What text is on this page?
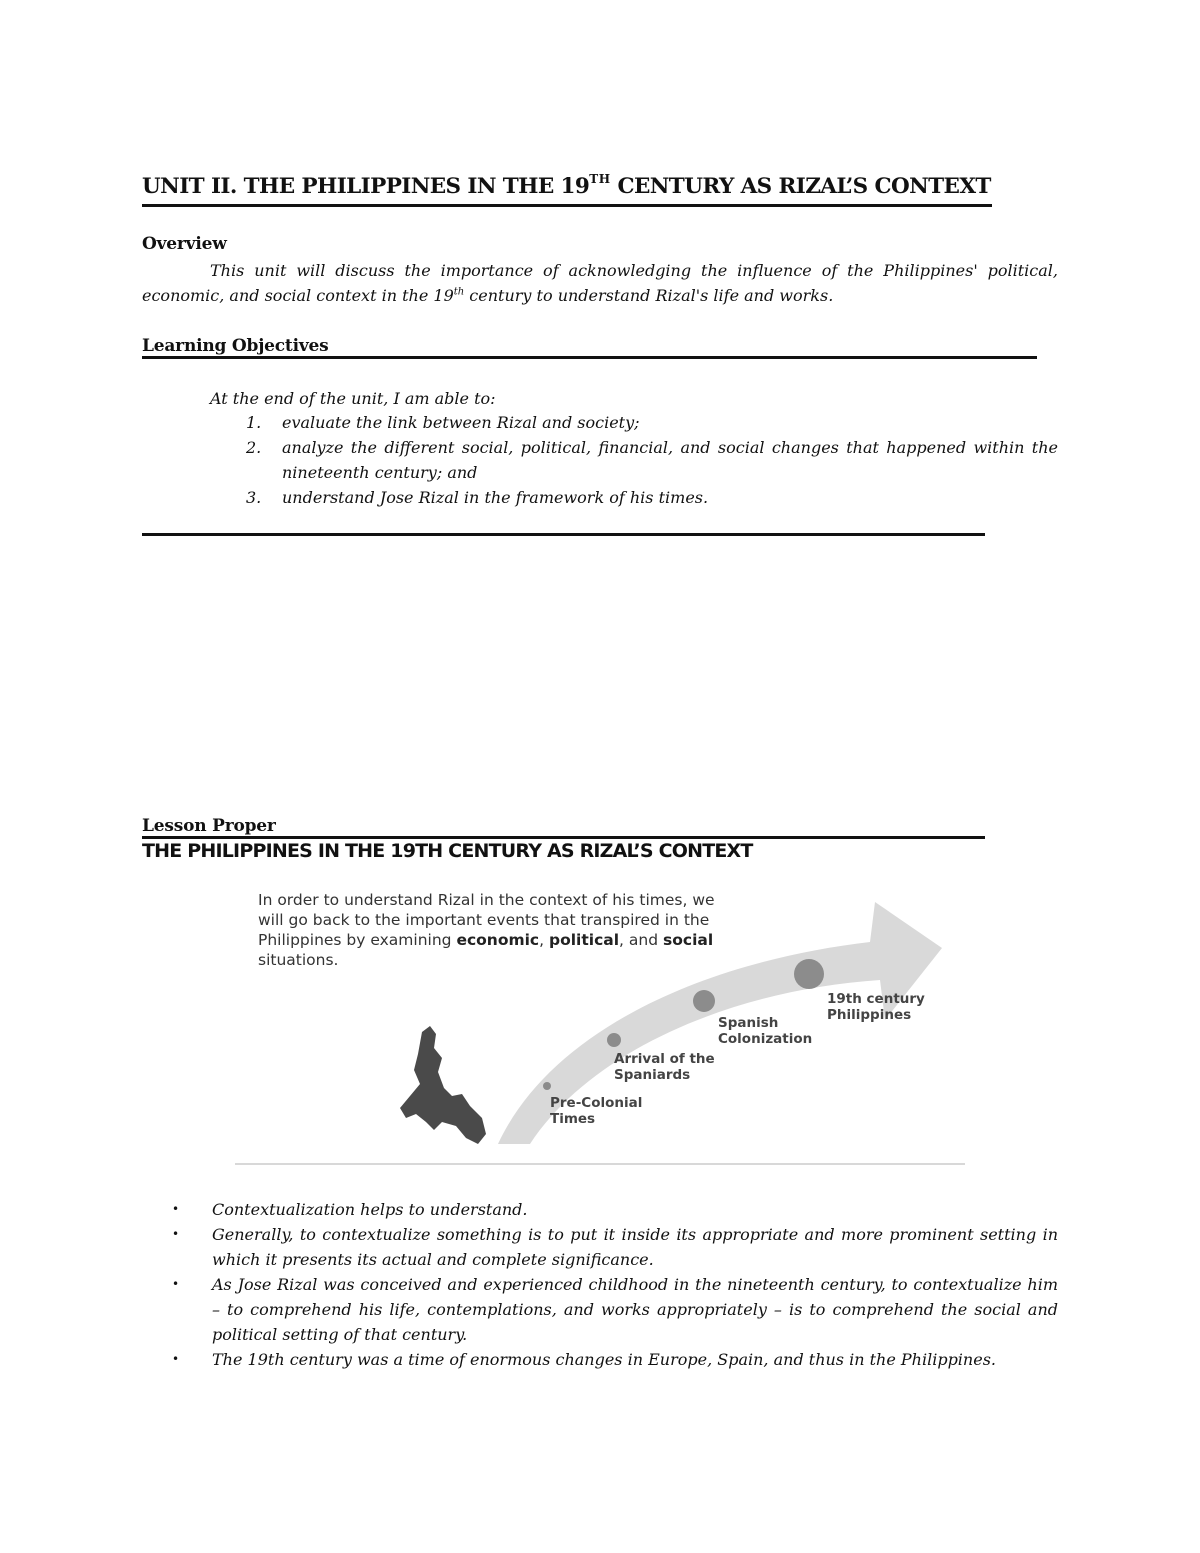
UNIT II. THE PHILIPPINES IN THE 19TH CENTURY AS RIZAL’S CONTEXT
Overview

This unit will discuss the importance of acknowledging the influence of the Philippines' political, economic, and social context in the 19th century to understand Rizal's life and works.

Learning Objectives
At the end of the unit, I am able to:
1. evaluate the link between Rizal and society;
2. analyze the different social, political, financial, and social changes that happened within the nineteenth century; and
3. understand Jose Rizal in the framework of his times.
Lesson Proper
THE PHILIPPINES IN THE 19TH CENTURY AS RIZAL’S CONTEXT
In order to understand Rizal in the context of his times, we will go back to the important events that transpired in the Philippines by examining economic, political, and social situations.
Pre-Colonial
Times
Arrival of the
Spaniards
Spanish
Colonization
19th century
Philippines
• Contextualization helps to understand.
• Generally, to contextualize something is to put it inside its appropriate and more prominent setting in which it presents its actual and complete significance.
• As Jose Rizal was conceived and experienced childhood in the nineteenth century, to contextualize him – to comprehend his life, contemplations, and works appropriately – is to comprehend the social and political setting of that century.
• The 19th century was a time of enormous changes in Europe, Spain, and thus in the Philippines.
